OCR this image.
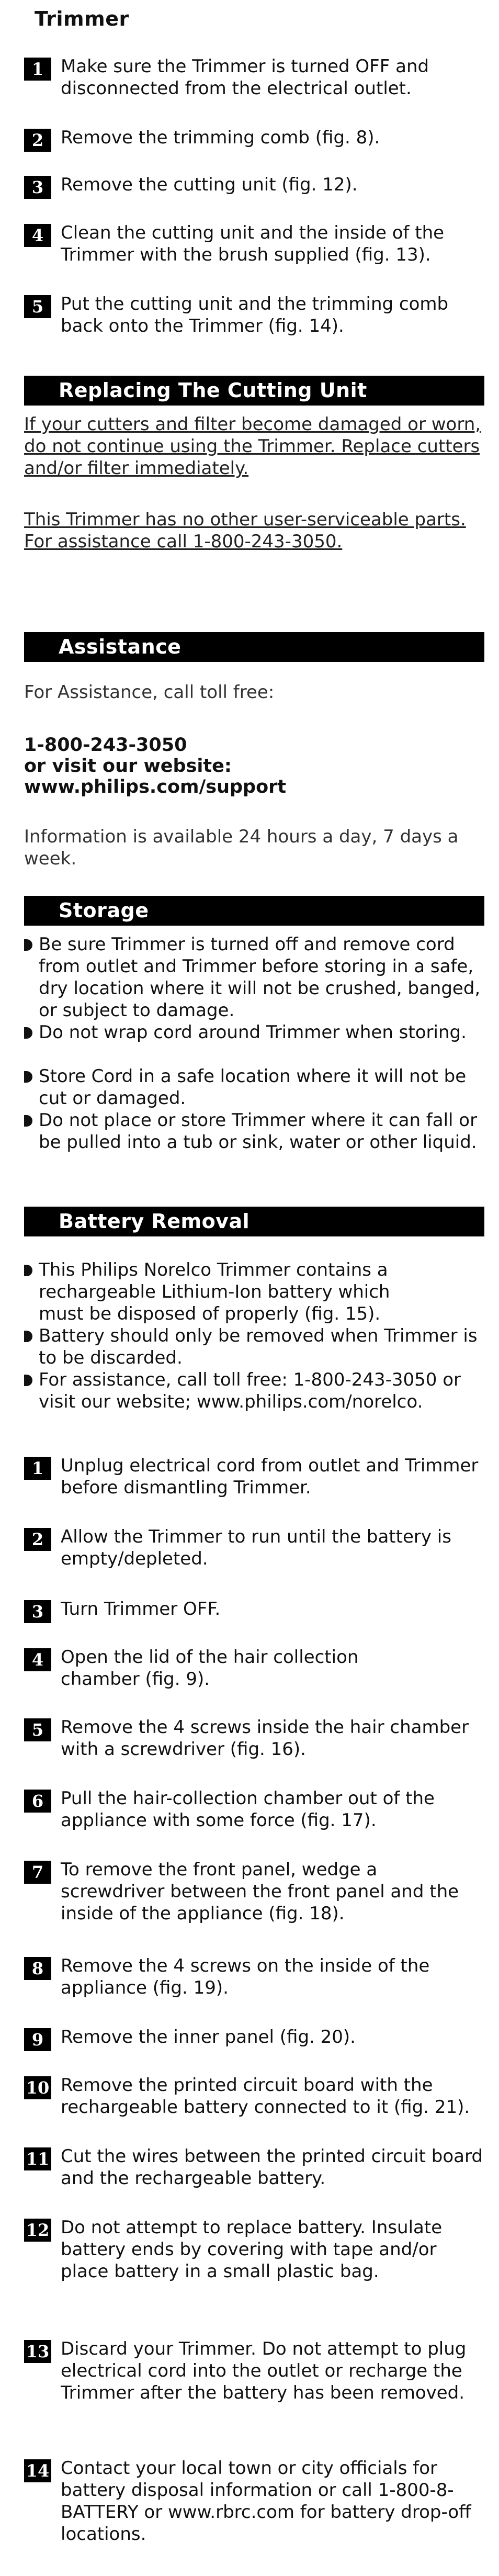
Trimmer
1 Make sure the Trimmer is turned OFF and disconnected from the electrical outlet.
2 Remove the trimming comb (fig. 8).
3 Remove the cutting unit (fig. 12).
4 Clean the cutting unit and the inside of the Trimmer with the brush supplied (fig. 13).
5 Put the cutting unit and the trimming comb back onto the Trimmer (fig. 14).
Replacing The Cutting Unit
If your cutters and filter become damaged or worn, do not continue using the Trimmer. Replace cutters and/or filter immediately.
This Trimmer has no other user-serviceable parts. For assistance call 1-800-243-3050.
Assistance
For Assistance, call toll free:
1-800-243-3050
or visit our website: www.philips.com/support
Information is available 24 hours a day, 7 days a week.
Storage
Be sure Trimmer is turned off and remove cord from outlet and Trimmer before storing in a safe, dry location where it will not be crushed, banged, or subject to damage.
Do not wrap cord around Trimmer when storing.
Store Cord in a safe location where it will not be cut or damaged.
Do not place or store Trimmer where it can fall or be pulled into a tub or sink, water or other liquid.
Battery Removal
This Philips Norelco Trimmer contains a rechargeable Lithium-Ion battery which must be disposed of properly (fig. 15).
Battery should only be removed when Trimmer is to be discarded.
For assistance, call toll free: 1-800-243-3050 or visit our website; www.philips.com/norelco.
1 Unplug electrical cord from outlet and Trimmer before dismantling Trimmer.
2 Allow the Trimmer to run until the battery is empty/depleted.
3 Turn Trimmer OFF.
4 Open the lid of the hair collection chamber (fig. 9).
5 Remove the 4 screws inside the hair chamber with a screwdriver (fig. 16).
6 Pull the hair-collection chamber out of the appliance with some force (fig. 17).
7 To remove the front panel, wedge a screwdriver between the front panel and the inside of the appliance (fig. 18).
8 Remove the 4 screws on the inside of the appliance (fig. 19).
9 Remove the inner panel (fig. 20).
10 Remove the printed circuit board with the rechargeable battery connected to it (fig. 21).
11 Cut the wires between the printed circuit board and the rechargeable battery.
12 Do not attempt to replace battery. Insulate battery ends by covering with tape and/or place battery in a small plastic bag.
13 Discard your Trimmer. Do not attempt to plug electrical cord into the outlet or recharge the Trimmer after the battery has been removed.
14 Contact your local town or city officials for battery disposal information or call 1-800-8-BATTERY or www.rbrc.com for battery drop-off locations.
